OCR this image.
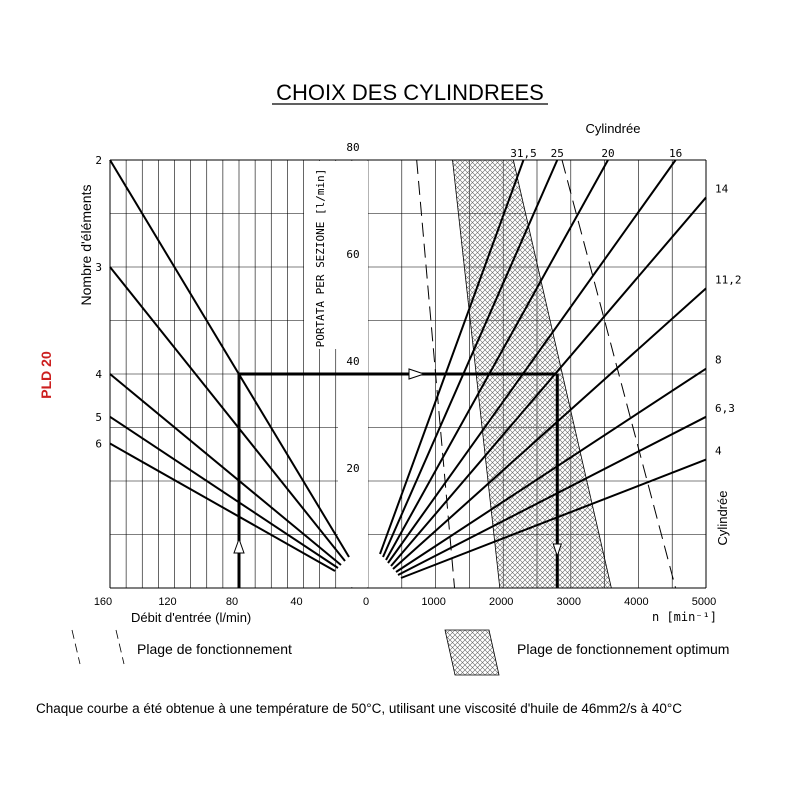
CHOIX DES CYLINDREES
80
60
40
20
PORTATA PER SEZIONE [l/min]
Nombre d'éléments
PLD 20
2
3
4
5
6
31,5 25	20	16
14
11,2
8
6,3
4
Cylindrée
Cylindrée
160	120	80	40	0	1000	2000	3000	4000	5000
Débit d'entrée (l/min)	n [min⁻¹]
Plage de fonctionnement	Plage de fonctionnement optimum
Chaque courbe a été obtenue à une température de 50°C, utilisant une viscosité d'huile de 46mm2/s à 40°C
